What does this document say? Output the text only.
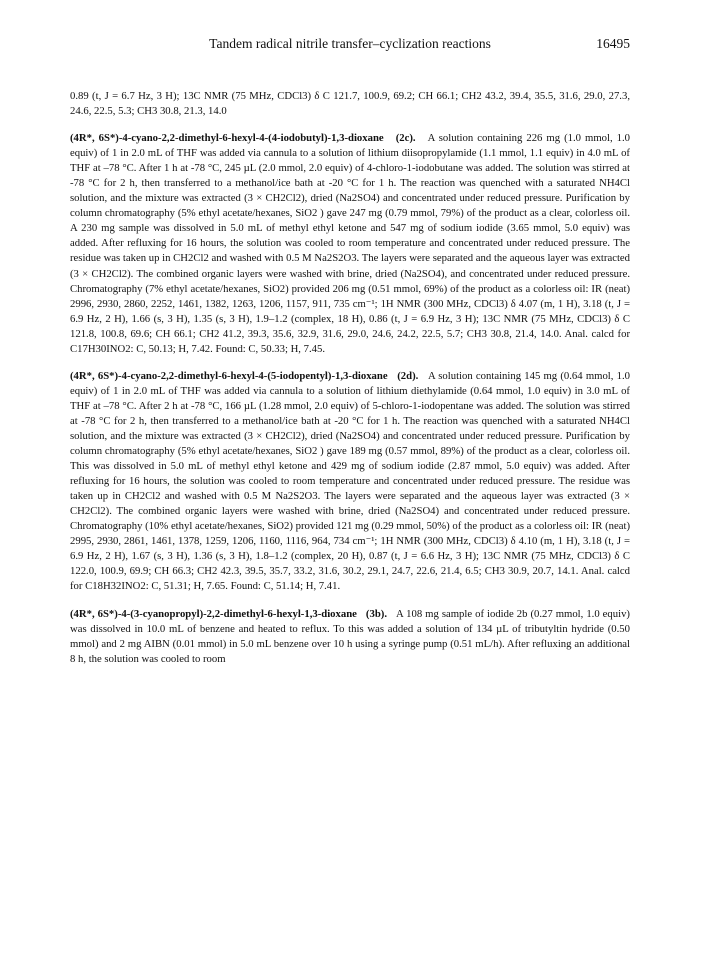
Tandem radical nitrile transfer–cyclization reactions	16495

0.89 (t, J = 6.7 Hz, 3 H); 13C NMR (75 MHz, CDCl3) δ C 121.7, 100.9, 69.2; CH 66.1; CH2 43.2, 39.4, 35.5, 31.6, 29.0, 27.3, 24.6, 22.5, 5.3; CH3 30.8, 21.3, 14.0

(4R*, 6S*)-4-cyano-2,2-dimethyl-6-hexyl-4-(4-iodobutyl)-1,3-dioxane (2c). A solution containing 226 mg (1.0 mmol, 1.0 equiv) of 1 in 2.0 mL of THF was added via cannula to a solution of lithium diisopropylamide (1.1 mmol, 1.1 equiv) in 4.0 mL of THF at –78 °C. After 1 h at -78 °C, 245 µL (2.0 mmol, 2.0 equiv) of 4-chloro-1-iodobutane was added. The solution was stirred at -78 °C for 2 h, then transferred to a methanol/ice bath at -20 °C for 1 h. The reaction was quenched with a saturated NH4Cl solution, and the mixture was extracted (3 × CH2Cl2), dried (Na2SO4) and concentrated under reduced pressure. Purification by column chromatography (5% ethyl acetate/hexanes, SiO2 ) gave 247 mg (0.79 mmol, 79%) of the product as a clear, colorless oil. A 230 mg sample was dissolved in 5.0 mL of methyl ethyl ketone and 547 mg of sodium iodide (3.65 mmol, 5.0 equiv) was added. After refluxing for 16 hours, the solution was cooled to room temperature and concentrated under reduced pressure. The residue was taken up in CH2Cl2 and washed with 0.5 M Na2S2O3. The layers were separated and the aqueous layer was extracted (3 × CH2Cl2). The combined organic layers were washed with brine, dried (Na2SO4), and concentrated under reduced pressure. Chromatography (7% ethyl acetate/hexanes, SiO2) provided 206 mg (0.51 mmol, 69%) of the product as a colorless oil: IR (neat) 2996, 2930, 2860, 2252, 1461, 1382, 1263, 1206, 1157, 911, 735 cm⁻¹; 1H NMR (300 MHz, CDCl3) δ 4.07 (m, 1 H), 3.18 (t, J = 6.9 Hz, 2 H), 1.66 (s, 3 H), 1.35 (s, 3 H), 1.9–1.2 (complex, 18 H), 0.86 (t, J = 6.9 Hz, 3 H); 13C NMR (75 MHz, CDCl3) δ C 121.8, 100.8, 69.6; CH 66.1; CH2 41.2, 39.3, 35.6, 32.9, 31.6, 29.0, 24.6, 24.2, 22.5, 5.7; CH3 30.8, 21.4, 14.0. Anal. calcd for C17H30INO2: C, 50.13; H, 7.42. Found: C, 50.33; H, 7.45.

(4R*, 6S*)-4-cyano-2,2-dimethyl-6-hexyl-4-(5-iodopentyl)-1,3-dioxane (2d). A solution containing 145 mg (0.64 mmol, 1.0 equiv) of 1 in 2.0 mL of THF was added via cannula to a solution of lithium diethylamide (0.64 mmol, 1.0 equiv) in 3.0 mL of THF at –78 °C. After 2 h at -78 °C, 166 µL (1.28 mmol, 2.0 equiv) of 5-chloro-1-iodopentane was added. The solution was stirred at -78 °C for 2 h, then transferred to a methanol/ice bath at -20 °C for 1 h. The reaction was quenched with a saturated NH4Cl solution, and the mixture was extracted (3 × CH2Cl2), dried (Na2SO4) and concentrated under reduced pressure. Purification by column chromatography (5% ethyl acetate/hexanes, SiO2 ) gave 189 mg (0.57 mmol, 89%) of the product as a clear, colorless oil. This was dissolved in 5.0 mL of methyl ethyl ketone and 429 mg of sodium iodide (2.87 mmol, 5.0 equiv) was added. After refluxing for 16 hours, the solution was cooled to room temperature and concentrated under reduced pressure. The residue was taken up in CH2Cl2 and washed with 0.5 M Na2S2O3. The layers were separated and the aqueous layer was extracted (3 × CH2Cl2). The combined organic layers were washed with brine, dried (Na2SO4) and concentrated under reduced pressure. Chromatography (10% ethyl acetate/hexanes, SiO2) provided 121 mg (0.29 mmol, 50%) of the product as a colorless oil: IR (neat) 2995, 2930, 2861, 1461, 1378, 1259, 1206, 1160, 1116, 964, 734 cm⁻¹; 1H NMR (300 MHz, CDCl3) δ 4.10 (m, 1 H), 3.18 (t, J = 6.9 Hz, 2 H), 1.67 (s, 3 H), 1.36 (s, 3 H), 1.8–1.2 (complex, 20 H), 0.87 (t, J = 6.6 Hz, 3 H); 13C NMR (75 MHz, CDCl3) δ C 122.0, 100.9, 69.9; CH 66.3; CH2 42.3, 39.5, 35.7, 33.2, 31.6, 30.2, 29.1, 24.7, 22.6, 21.4, 6.5; CH3 30.9, 20.7, 14.1. Anal. calcd for C18H32INO2: C, 51.31; H, 7.65. Found: C, 51.14; H, 7.41.

(4R*, 6S*)-4-(3-cyanopropyl)-2,2-dimethyl-6-hexyl-1,3-dioxane (3b). A 108 mg sample of iodide 2b (0.27 mmol, 1.0 equiv) was dissolved in 10.0 mL of benzene and heated to reflux. To this was added a solution of 134 µL of tributyltin hydride (0.50 mmol) and 2 mg AIBN (0.01 mmol) in 5.0 mL benzene over 10 h using a syringe pump (0.51 mL/h). After refluxing an additional 8 h, the solution was cooled to room
